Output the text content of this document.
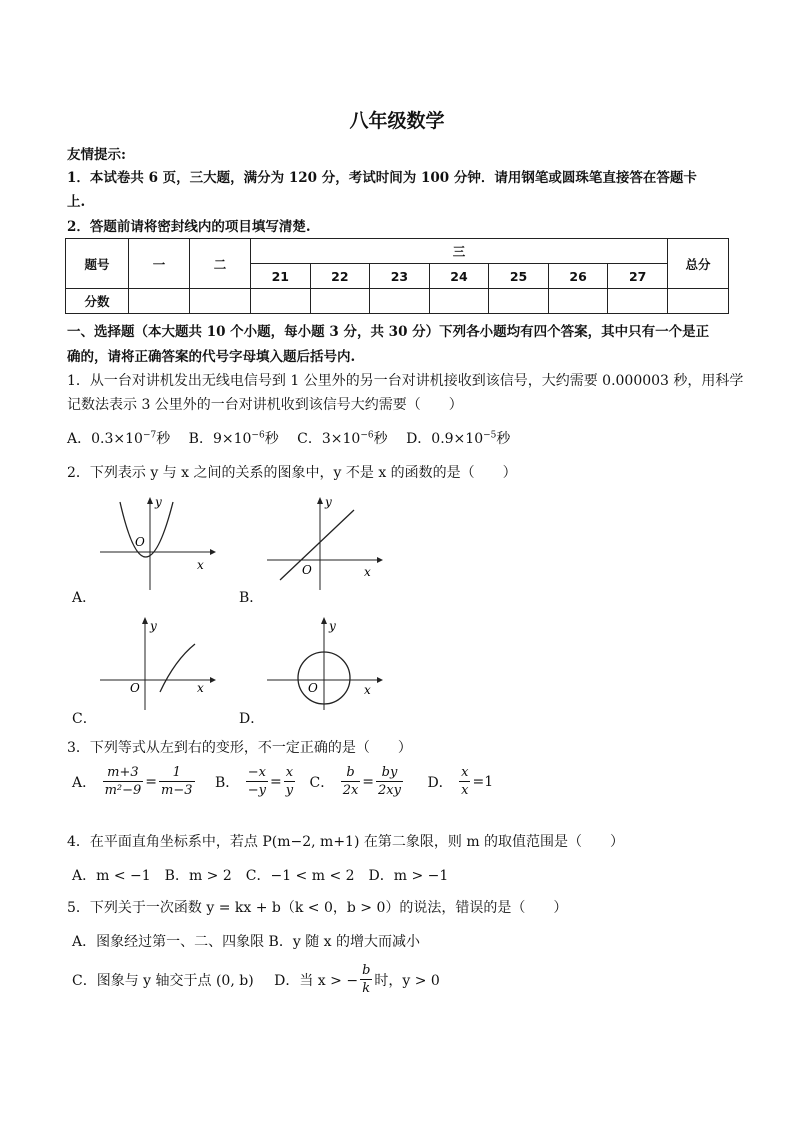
八年级数学
友情提示:
1．本试卷共 6 页，三大题，满分为 120 分，考试时间为 100 分钟．请用钢笔或圆珠笔直接答在答题卡
上.
2．答题前请将密封线内的项目填写清楚.
题号	一	二	三							总分
			21	22	23	24	25	26	27	
分数										
一、选择题（本大题共 10 个小题，每小题 3 分，共 30 分）下列各小题均有四个答案，其中只有一个是正
确的，请将正确答案的代号字母填入题后括号内.
1．从一台对讲机发出无线电信号到 1 公里外的另一台对讲机接收到该信号，大约需要 0.000003 秒，用科学
记数法表示 3 公里外的一台对讲机收到该信号大约需要（　　）
A．$0.3\times 10^{-7}$秒 B．$9\times 10^{-6}$秒 C．$3\times 10^{-6}$秒 D．$0.9\times 10^{-5}$秒
2．下列表示 y 与 x 之间的关系的图象中，y 不是 x 的函数的是（　　）
y
x
O
A．
y
x
O
B．
y
x
O
C．
y
x
O
D．
3．下列等式从左到右的变形，不一定正确的是（　　）
A． $\frac{m+3}{\text{m²−9}} = \frac{1}{m-3}$ B． $\frac{-x}{-y} = \frac{x}{y}$ C． $\frac{b}{2x} = \frac{by}{2xy}$ D． $\frac{x}{x} =1$
4．在平面直角坐标系中，若点 P(m−2, m+1) 在第二象限，则 m 的取值范围是（　　）
A．m < −1　B．m > 2　C．−1 < m < 2　D．m > −1
5．下列关于一次函数 y = kx + b（k < 0，b > 0）的说法，错误的是（　　）
A．图象经过第一、二、四象限 B．y 随 x 的增大而减小
C．图象与 y 轴交于点 (0, b) D．当 x > − $\frac{b}{k}$ 时，y > 0
